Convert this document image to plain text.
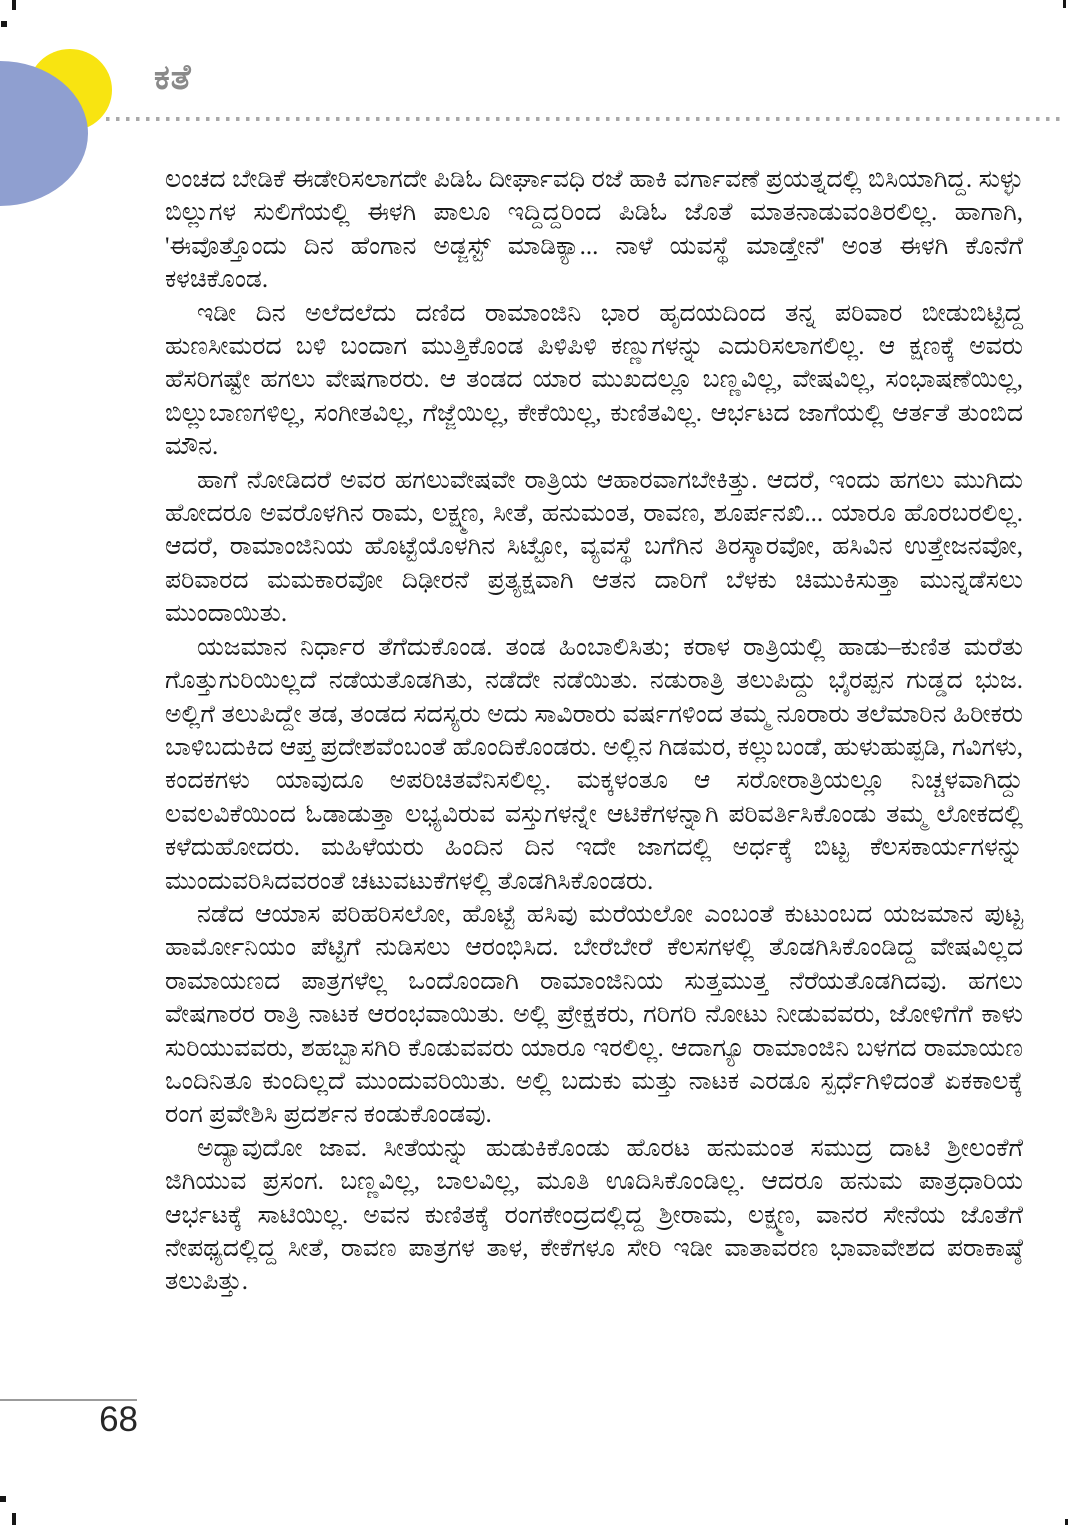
ಕತೆ

ಲಂಚದ ಬೇಡಿಕೆ ಈಡೇರಿಸಲಾಗದೇ ಪಿಡಿಓ ದೀರ್ಘಾವಧಿ ರಜೆ ಹಾಕಿ ವರ್ಗಾವಣೆ ಪ್ರಯತ್ನದಲ್ಲಿ ಬಿಸಿಯಾಗಿದ್ದ. ಸುಳ್ಳು ಬಿಲ್ಲುಗಳ ಸುಲಿಗೆಯಲ್ಲಿ ಈಳಗಿ ಪಾಲೂ ಇದ್ದಿದ್ದರಿಂದ ಪಿಡಿಓ ಜೊತೆ ಮಾತನಾಡುವಂತಿರಲಿಲ್ಲ. ಹಾಗಾಗಿ, 'ಈವೊತ್ತೊಂದು ದಿನ ಹೆಂಗಾನ ಅಡ್ಜಸ್ಟ್ ಮಾಡಿಕ್ಯಾ... ನಾಳೆ ಯವಸ್ಥೆ ಮಾಡ್ತೇನೆ' ಅಂತ ಈಳಗಿ ಕೊನೆಗೆ ಕಳಚಿಕೊಂಡ.

ಇಡೀ ದಿನ ಅಲೆದಲೆದು ದಣಿದ ರಾಮಾಂಜಿನಿ ಭಾರ ಹೃದಯದಿಂದ ತನ್ನ ಪರಿವಾರ ಬೀಡುಬಿಟ್ಟಿದ್ದ ಹುಣಸೀಮರದ ಬಳಿ ಬಂದಾಗ ಮುತ್ತಿಕೊಂಡ ಪಿಳಿಪಿಳಿ ಕಣ್ಣುಗಳನ್ನು ಎದುರಿಸಲಾಗಲಿಲ್ಲ. ಆ ಕ್ಷಣಕ್ಕೆ ಅವರು ಹೆಸರಿಗಷ್ಟೇ ಹಗಲು ವೇಷಗಾರರು. ಆ ತಂಡದ ಯಾರ ಮುಖದಲ್ಲೂ ಬಣ್ಣವಿಲ್ಲ, ವೇಷವಿಲ್ಲ, ಸಂಭಾಷಣೆಯಿಲ್ಲ, ಬಿಲ್ಲುಬಾಣಗಳಿಲ್ಲ, ಸಂಗೀತವಿಲ್ಲ, ಗೆಜ್ಜೆಯಿಲ್ಲ, ಕೇಕೆಯಿಲ್ಲ, ಕುಣಿತವಿಲ್ಲ. ಆರ್ಭಟದ ಜಾಗೆಯಲ್ಲಿ ಆರ್ತತೆ ತುಂಬಿದ ಮೌನ.

ಹಾಗೆ ನೋಡಿದರೆ ಅವರ ಹಗಲುವೇಷವೇ ರಾತ್ರಿಯ ಆಹಾರವಾಗಬೇಕಿತ್ತು. ಆದರೆ, ಇಂದು ಹಗಲು ಮುಗಿದು ಹೋದರೂ ಅವರೊಳಗಿನ ರಾಮ, ಲಕ್ಷ್ಮಣ, ಸೀತೆ, ಹನುಮಂತ, ರಾವಣ, ಶೂರ್ಪನಖಿ... ಯಾರೂ ಹೊರಬರಲಿಲ್ಲ. ಆದರೆ, ರಾಮಾಂಜಿನಿಯ ಹೊಟ್ಟೆಯೊಳಗಿನ ಸಿಟ್ಟೋ, ವ್ಯವಸ್ಥೆ ಬಗೆಗಿನ ತಿರಸ್ಕಾರವೋ, ಹಸಿವಿನ ಉತ್ತೇಜನವೋ, ಪರಿವಾರದ ಮಮಕಾರವೋ ದಿಢೀರನೆ ಪ್ರತ್ಯಕ್ಷವಾಗಿ ಆತನ ದಾರಿಗೆ ಬೆಳಕು ಚಿಮುಕಿಸುತ್ತಾ ಮುನ್ನಡೆಸಲು ಮುಂದಾಯಿತು.

ಯಜಮಾನ ನಿರ್ಧಾರ ತೆಗೆದುಕೊಂಡ. ತಂಡ ಹಿಂಬಾಲಿಸಿತು; ಕರಾಳ ರಾತ್ರಿಯಲ್ಲಿ ಹಾಡು–ಕುಣಿತ ಮರೆತು ಗೊತ್ತುಗುರಿಯಿಲ್ಲದೆ ನಡೆಯತೊಡಗಿತು, ನಡೆದೇ ನಡೆಯಿತು. ನಡುರಾತ್ರಿ ತಲುಪಿದ್ದು ಭೈರಪ್ಪನ ಗುಡ್ಡದ ಭುಜ. ಅಲ್ಲಿಗೆ ತಲುಪಿದ್ದೇ ತಡ, ತಂಡದ ಸದಸ್ಯರು ಅದು ಸಾವಿರಾರು ವರ್ಷಗಳಿಂದ ತಮ್ಮ ನೂರಾರು ತಲೆಮಾರಿನ ಹಿರೀಕರು ಬಾಳಿಬದುಕಿದ ಆಪ್ತ ಪ್ರದೇಶವೆಂಬಂತೆ ಹೊಂದಿಕೊಂಡರು. ಅಲ್ಲಿನ ಗಿಡಮರ, ಕಲ್ಲುಬಂಡೆ, ಹುಳುಹುಪ್ಪಡಿ, ಗವಿಗಳು, ಕಂದಕಗಳು ಯಾವುದೂ ಅಪರಿಚಿತವೆನಿಸಲಿಲ್ಲ. ಮಕ್ಕಳಂತೂ ಆ ಸರೋರಾತ್ರಿಯಲ್ಲೂ ನಿಚ್ಚಳವಾಗಿದ್ದು ಲವಲವಿಕೆಯಿಂದ ಓಡಾಡುತ್ತಾ ಲಭ್ಯವಿರುವ ವಸ್ತುಗಳನ್ನೇ ಆಟಿಕೆಗಳನ್ನಾಗಿ ಪರಿವರ್ತಿಸಿಕೊಂಡು ತಮ್ಮ ಲೋಕದಲ್ಲಿ ಕಳೆದುಹೋದರು. ಮಹಿಳೆಯರು ಹಿಂದಿನ ದಿನ ಇದೇ ಜಾಗದಲ್ಲಿ ಅರ್ಧಕ್ಕೆ ಬಿಟ್ಟ ಕೆಲಸಕಾರ್ಯಗಳನ್ನು ಮುಂದುವರಿಸಿದವರಂತೆ ಚಟುವಟುಕೆಗಳಲ್ಲಿ ತೊಡಗಿಸಿಕೊಂಡರು.

ನಡೆದ ಆಯಾಸ ಪರಿಹರಿಸಲೋ, ಹೊಟ್ಟೆ ಹಸಿವು ಮರೆಯಲೋ ಎಂಬಂತೆ ಕುಟುಂಬದ ಯಜಮಾನ ಪುಟ್ಟ ಹಾರ್ಮೋನಿಯಂ ಪೆಟ್ಟಿಗೆ ನುಡಿಸಲು ಆರಂಭಿಸಿದ. ಬೇರೆಬೇರೆ ಕೆಲಸಗಳಲ್ಲಿ ತೊಡಗಿಸಿಕೊಂಡಿದ್ದ ವೇಷವಿಲ್ಲದ ರಾಮಾಯಣದ ಪಾತ್ರಗಳೆಲ್ಲ ಒಂದೊಂದಾಗಿ ರಾಮಾಂಜಿನಿಯ ಸುತ್ತಮುತ್ತ ನೆರೆಯತೊಡಗಿದವು. ಹಗಲು ವೇಷಗಾರರ ರಾತ್ರಿ ನಾಟಕ ಆರಂಭವಾಯಿತು. ಅಲ್ಲಿ ಪ್ರೇಕ್ಷಕರು, ಗರಿಗರಿ ನೋಟು ನೀಡುವವರು, ಜೋಳಿಗೆಗೆ ಕಾಳು ಸುರಿಯುವವರು, ಶಹಬ್ಬಾಸಗಿರಿ ಕೊಡುವವರು ಯಾರೂ ಇರಲಿಲ್ಲ. ಆದಾಗ್ಯೂ ರಾಮಾಂಜಿನಿ ಬಳಗದ ರಾಮಾಯಣ ಒಂದಿನಿತೂ ಕುಂದಿಲ್ಲದೆ ಮುಂದುವರಿಯಿತು. ಅಲ್ಲಿ ಬದುಕು ಮತ್ತು ನಾಟಕ ಎರಡೂ ಸ್ಪರ್ಧೆಗಿಳಿದಂತೆ ಏಕಕಾಲಕ್ಕೆ ರಂಗ ಪ್ರವೇಶಿಸಿ ಪ್ರದರ್ಶನ ಕಂಡುಕೊಂಡವು.

ಅದ್ಯಾವುದೋ ಜಾವ. ಸೀತೆಯನ್ನು ಹುಡುಕಿಕೊಂಡು ಹೊರಟ ಹನುಮಂತ ಸಮುದ್ರ ದಾಟಿ ಶ್ರೀಲಂಕೆಗೆ ಜಿಗಿಯುವ ಪ್ರಸಂಗ. ಬಣ್ಣವಿಲ್ಲ, ಬಾಲವಿಲ್ಲ, ಮೂತಿ ಊದಿಸಿಕೊಂಡಿಲ್ಲ. ಆದರೂ ಹನುಮ ಪಾತ್ರಧಾರಿಯ ಆರ್ಭಟಕ್ಕೆ ಸಾಟಿಯಿಲ್ಲ. ಅವನ ಕುಣಿತಕ್ಕೆ ರಂಗಕೇಂದ್ರದಲ್ಲಿದ್ದ ಶ್ರೀರಾಮ, ಲಕ್ಷ್ಮಣ, ವಾನರ ಸೇನೆಯ ಜೊತೆಗೆ ನೇಪಥ್ಯದಲ್ಲಿದ್ದ ಸೀತೆ, ರಾವಣ ಪಾತ್ರಗಳ ತಾಳ, ಕೇಕೆಗಳೂ ಸೇರಿ ಇಡೀ ವಾತಾವರಣ ಭಾವಾವೇಶದ ಪರಾಕಾಷ್ಠೆ ತಲುಪಿತ್ತು.

68
